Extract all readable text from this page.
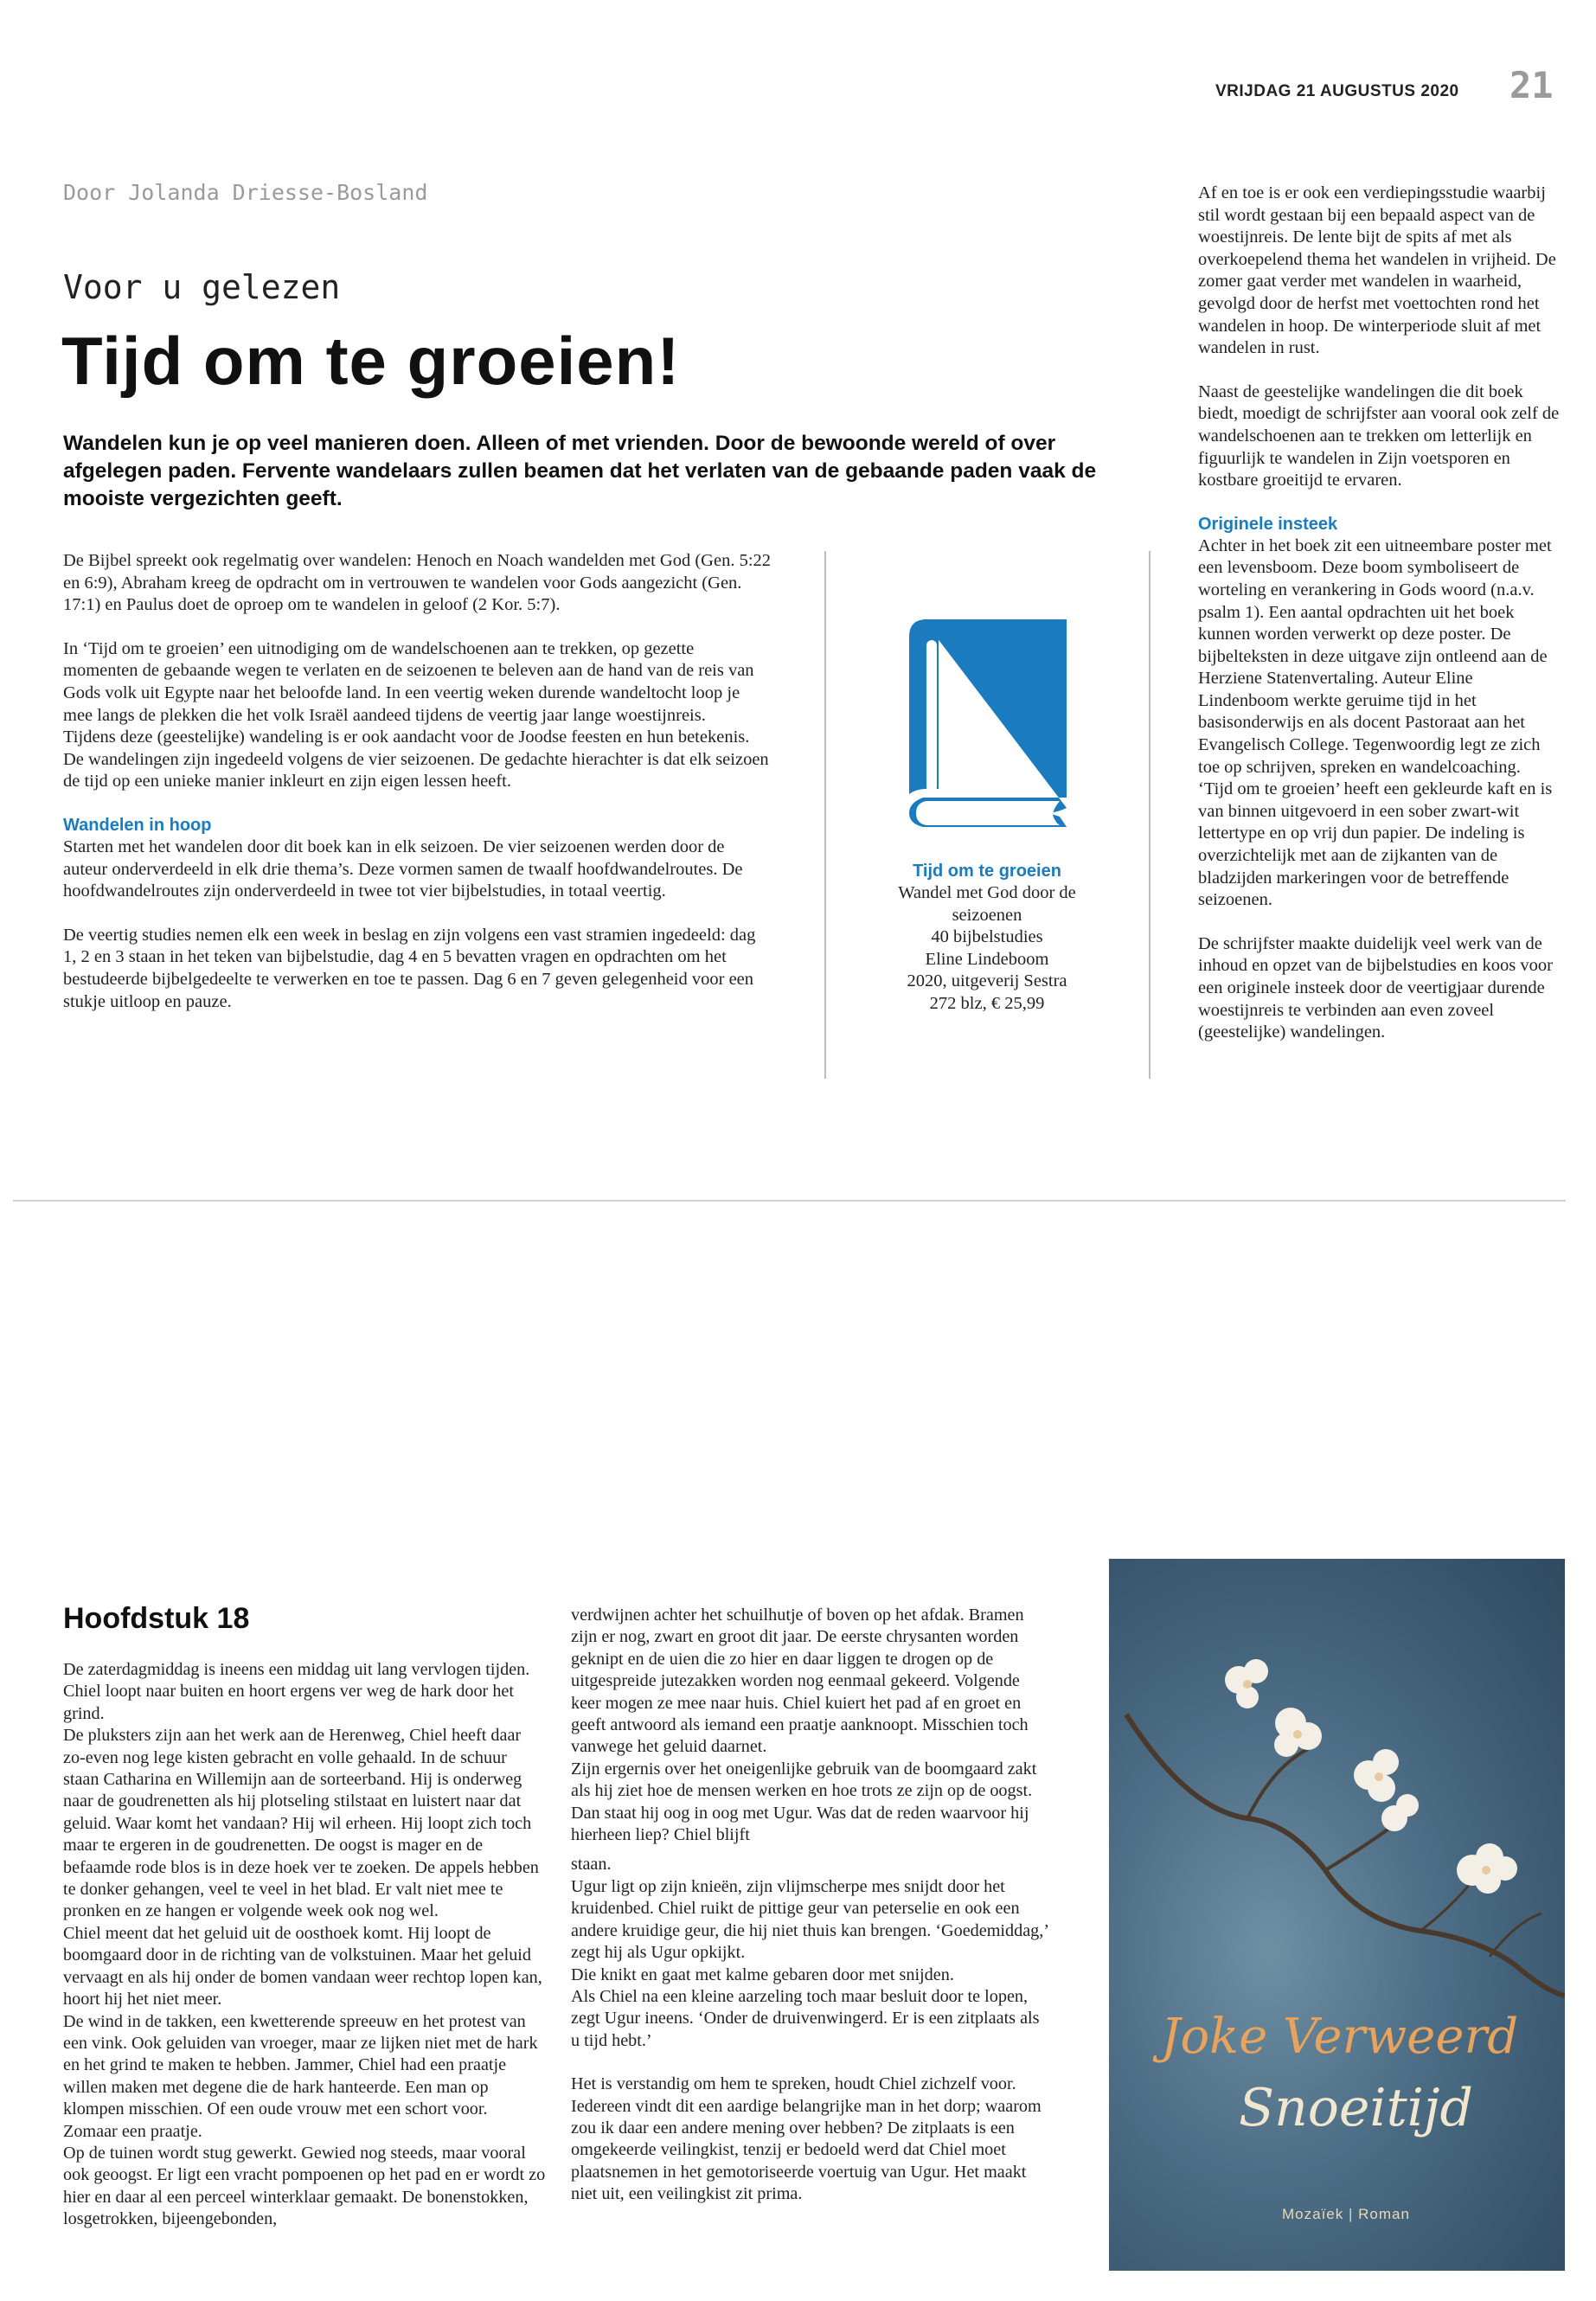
VRIJDAG 21 AUGUSTUS 2020 21
Door Jolanda Driesse-Bosland
Voor u gelezen
Tijd om te groeien!
Wandelen kun je op veel manieren doen. Alleen of met vrienden. Door de bewoonde wereld of over afgelegen paden. Fervente wandelaars zullen beamen dat het verlaten van de gebaande paden vaak de mooiste vergezichten geeft.

De Bijbel spreekt ook regelmatig over wandelen: Henoch en Noach wandelden met God (Gen. 5:22 en 6:9), Abraham kreeg de opdracht om in vertrouwen te wandelen voor Gods aangezicht (Gen. 17:1) en Paulus doet de oproep om te wandelen in geloof (2 Kor. 5:7).

In ‘Tijd om te groeien’ een uitnodiging om de wandelschoenen aan te trekken, op gezette momenten de gebaande wegen te verlaten en de seizoenen te beleven aan de hand van de reis van Gods volk uit Egypte naar het beloofde land. In een veertig weken durende wandeltocht loop je mee langs de plekken die het volk Israël aandeed tijdens de veertig jaar lange woestijnreis.

Tijdens deze (geestelijke) wandeling is er ook aandacht voor de Joodse feesten en hun betekenis. De wandelingen zijn ingedeeld volgens de vier seizoenen. De gedachte hierachter is dat elk seizoen de tijd op een unieke manier inkleurt en zijn eigen lessen heeft.

Wandelen in hoop

Starten met het wandelen door dit boek kan in elk seizoen. De vier seizoenen werden door de auteur onderverdeeld in elk drie thema’s. Deze vormen samen de twaalf hoofdwandelroutes. De hoofdwandelroutes zijn onderverdeeld in twee tot vier bijbelstudies, in totaal veertig.

De veertig studies nemen elk een week in beslag en zijn volgens een vast stramien ingedeeld: dag 1, 2 en 3 staan in het teken van bijbelstudie, dag 4 en 5 bevatten vragen en opdrachten om het bestudeerde bijbelgedeelte te verwerken en toe te passen. Dag 6 en 7 geven gelegenheid voor een stukje uitloop en pauze.

Tijd om te groeien
Wandel met God door de
seizoenen
40 bijbelstudies
Eline Lindeboom
2020, uitgeverij Sestra
272 blz, € 25,99

Af en toe is er ook een verdiepingsstudie waarbij stil wordt gestaan bij een bepaald aspect van de woestijnreis. De lente bijt de spits af met als overkoepelend thema het wandelen in vrijheid. De zomer gaat verder met wandelen in waarheid, gevolgd door de herfst met voettochten rond het wandelen in hoop. De winterperiode sluit af met wandelen in rust.

Naast de geestelijke wandelingen die dit boek biedt, moedigt de schrijfster aan vooral ook zelf de wandelschoenen aan te trekken om letterlijk en figuurlijk te wandelen in Zijn voetsporen en kostbare groeitijd te ervaren.

Originele insteek

Achter in het boek zit een uitneembare poster met een levensboom. Deze boom symboliseert de worteling en verankering in Gods woord (n.a.v. psalm 1). Een aantal opdrachten uit het boek kunnen worden verwerkt op deze poster. De bijbelteksten in deze uitgave zijn ontleend aan de Herziene Statenvertaling. Auteur Eline Lindenboom werkte geruime tijd in het basisonderwijs en als docent Pastoraat aan het Evangelisch College. Tegenwoordig legt ze zich toe op schrijven, spreken en wandelcoaching.

‘Tijd om te groeien’ heeft een gekleurde kaft en is van binnen uitgevoerd in een sober zwart-wit lettertype en op vrij dun papier. De indeling is overzichtelijk met aan de zijkanten van de bladzijden markeringen voor de betreffende seizoenen.

De schrijfster maakte duidelijk veel werk van de inhoud en opzet van de bijbelstudies en koos voor een originele insteek door de veertigjaar durende woestijnreis te verbinden aan even zoveel (geestelijke) wandelingen.

Hoofdstuk 18
De zaterdagmiddag is ineens een middag uit lang vervlogen tijden. Chiel loopt naar buiten en hoort ergens ver weg de hark door het grind.
De pluksters zijn aan het werk aan de Herenweg, Chiel heeft daar zo-even nog lege kisten gebracht en volle gehaald. In de schuur staan Catharina en Willemijn aan de sorteerband. Hij is onderweg naar de goudrenetten als hij plotseling stilstaat en luistert naar dat geluid. Waar komt het vandaan? Hij wil erheen. Hij loopt zich toch maar te ergeren in de goudrenetten. De oogst is mager en de befaamde rode blos is in deze hoek ver te zoeken. De appels hebben te donker gehangen, veel te veel in het blad. Er valt niet mee te pronken en ze hangen er volgende week ook nog wel.
Chiel meent dat het geluid uit de oosthoek komt. Hij loopt de boomgaard door in de richting van de volkstuinen. Maar het geluid vervaagt en als hij onder de bomen vandaan weer rechtop lopen kan, hoort hij het niet meer.
De wind in de takken, een kwetterende spreeuw en het protest van een vink. Ook geluiden van vroeger, maar ze lijken niet met de hark en het grind te maken te hebben. Jammer, Chiel had een praatje willen maken met degene die de hark hanteerde. Een man op klompen misschien. Of een oude vrouw met een schort voor. Zomaar een praatje.
Op de tuinen wordt stug gewerkt. Gewied nog steeds, maar vooral ook geoogst. Er ligt een vracht pompoenen op het pad en er wordt zo hier en daar al een perceel winterklaar gemaakt. De bonenstokken, losgetrokken, bijeengebonden,

verdwijnen achter het schuilhutje of boven op het afdak. Bramen zijn er nog, zwart en groot dit jaar. De eerste chrysanten worden geknipt en de uien die zo hier en daar liggen te drogen op de uitgespreide jutezakken worden nog eenmaal gekeerd. Volgende keer mogen ze mee naar huis. Chiel kuiert het pad af en groet en geeft antwoord als iemand een praatje aanknoopt. Misschien toch vanwege het geluid daarnet.
Zijn ergernis over het oneigenlijke gebruik van de boomgaard zakt als hij ziet hoe de mensen werken en hoe trots ze zijn op de oogst. Dan staat hij oog in oog met Ugur. Was dat de reden waarvoor hij hierheen liep? Chiel blijft

staan.
Ugur ligt op zijn knieën, zijn vlijmscherpe mes snijdt door het kruidenbed. Chiel ruikt de pittige geur van peterselie en ook een andere kruidige geur, die hij niet thuis kan brengen. ‘Goedemiddag,’ zegt hij als Ugur opkijkt.
Die knikt en gaat met kalme gebaren door met snijden.
Als Chiel na een kleine aarzeling toch maar besluit door te lopen, zegt Ugur ineens. ‘Onder de druivenwingerd. Er is een zitplaats als u tijd hebt.’

Het is verstandig om hem te spreken, houdt Chiel zichzelf voor. Iedereen vindt dit een aardige belangrijke man in het dorp; waarom zou ik daar een andere mening over hebben? De zitplaats is een omgekeerde veilingkist, tenzij er bedoeld werd dat Chiel moet plaatsnemen in het gemotoriseerde voertuig van Ugur. Het maakt niet uit, een veilingkist zit prima.

Joke Verweerd
Snoeitijd
Mozaïek | Roman
